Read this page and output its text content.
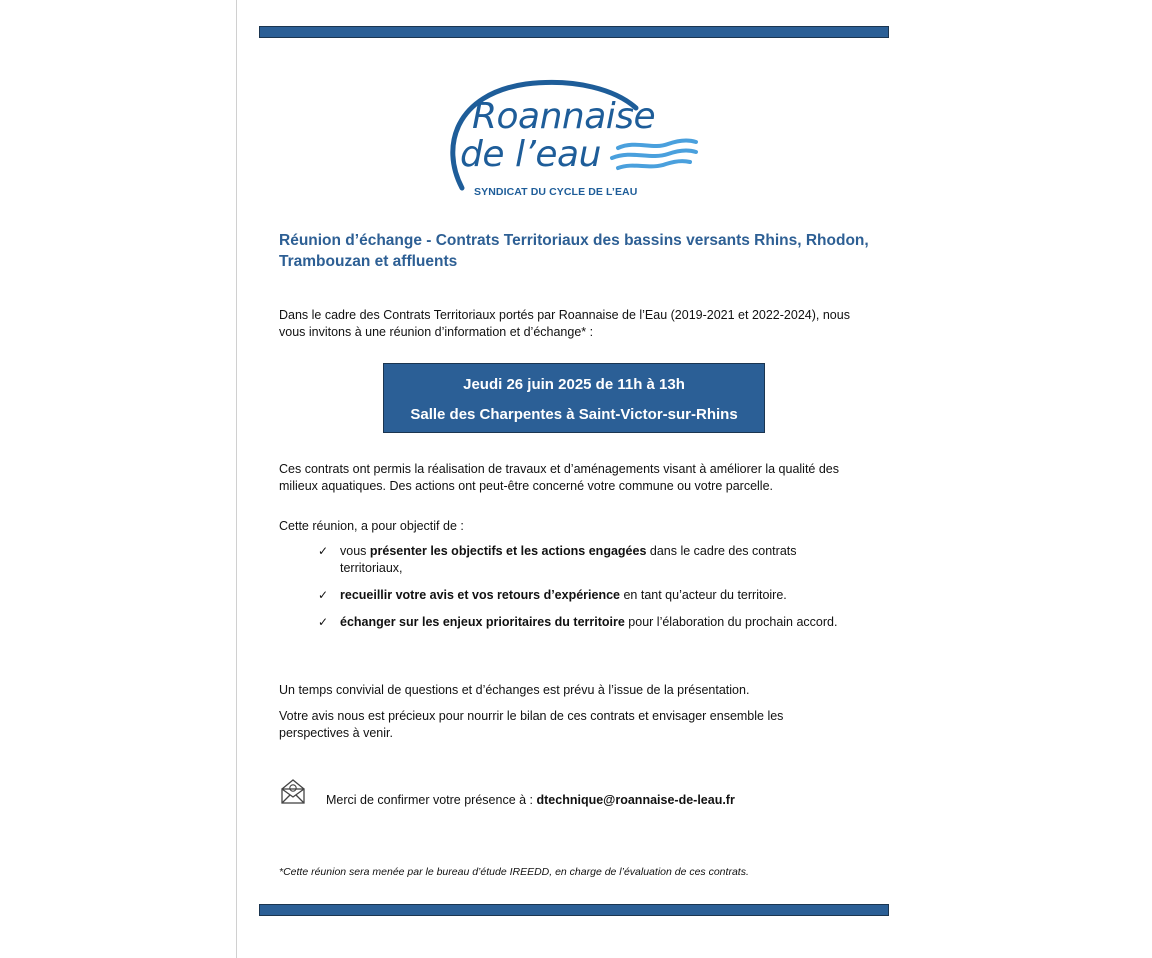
Roannaise
de l’eau
SYNDICAT DU CYCLE DE L’EAU
Réunion d’échange - Contrats Territoriaux des bassins versants Rhins, Rhodon, Trambouzan et affluents

Dans le cadre des Contrats Territoriaux portés par Roannaise de l’Eau (2019-2021 et 2022-2024), nous vous invitons à une réunion d’information et d’échange* :

Jeudi 26 juin 2025 de 11h à 13h
Salle des Charpentes à Saint-Victor-sur-Rhins

Ces contrats ont permis la réalisation de travaux et d’aménagements visant à améliorer la qualité des milieux aquatiques. Des actions ont peut-être concerné votre commune ou votre parcelle.

Cette réunion, a pour objectif de :

✓ vous présenter les objectifs et les actions engagées dans le cadre des contrats territoriaux,
✓ recueillir votre avis et vos retours d’expérience en tant qu’acteur du territoire.
✓ échanger sur les enjeux prioritaires du territoire pour l’élaboration du prochain accord.

Un temps convivial de questions et d’échanges est prévu à l’issue de la présentation.

Votre avis nous est précieux pour nourrir le bilan de ces contrats et envisager ensemble les perspectives à venir.

Merci de confirmer votre présence à : dtechnique@roannaise-de-leau.fr
*Cette réunion sera menée par le bureau d’étude IREEDD, en charge de l’évaluation de ces contrats.
